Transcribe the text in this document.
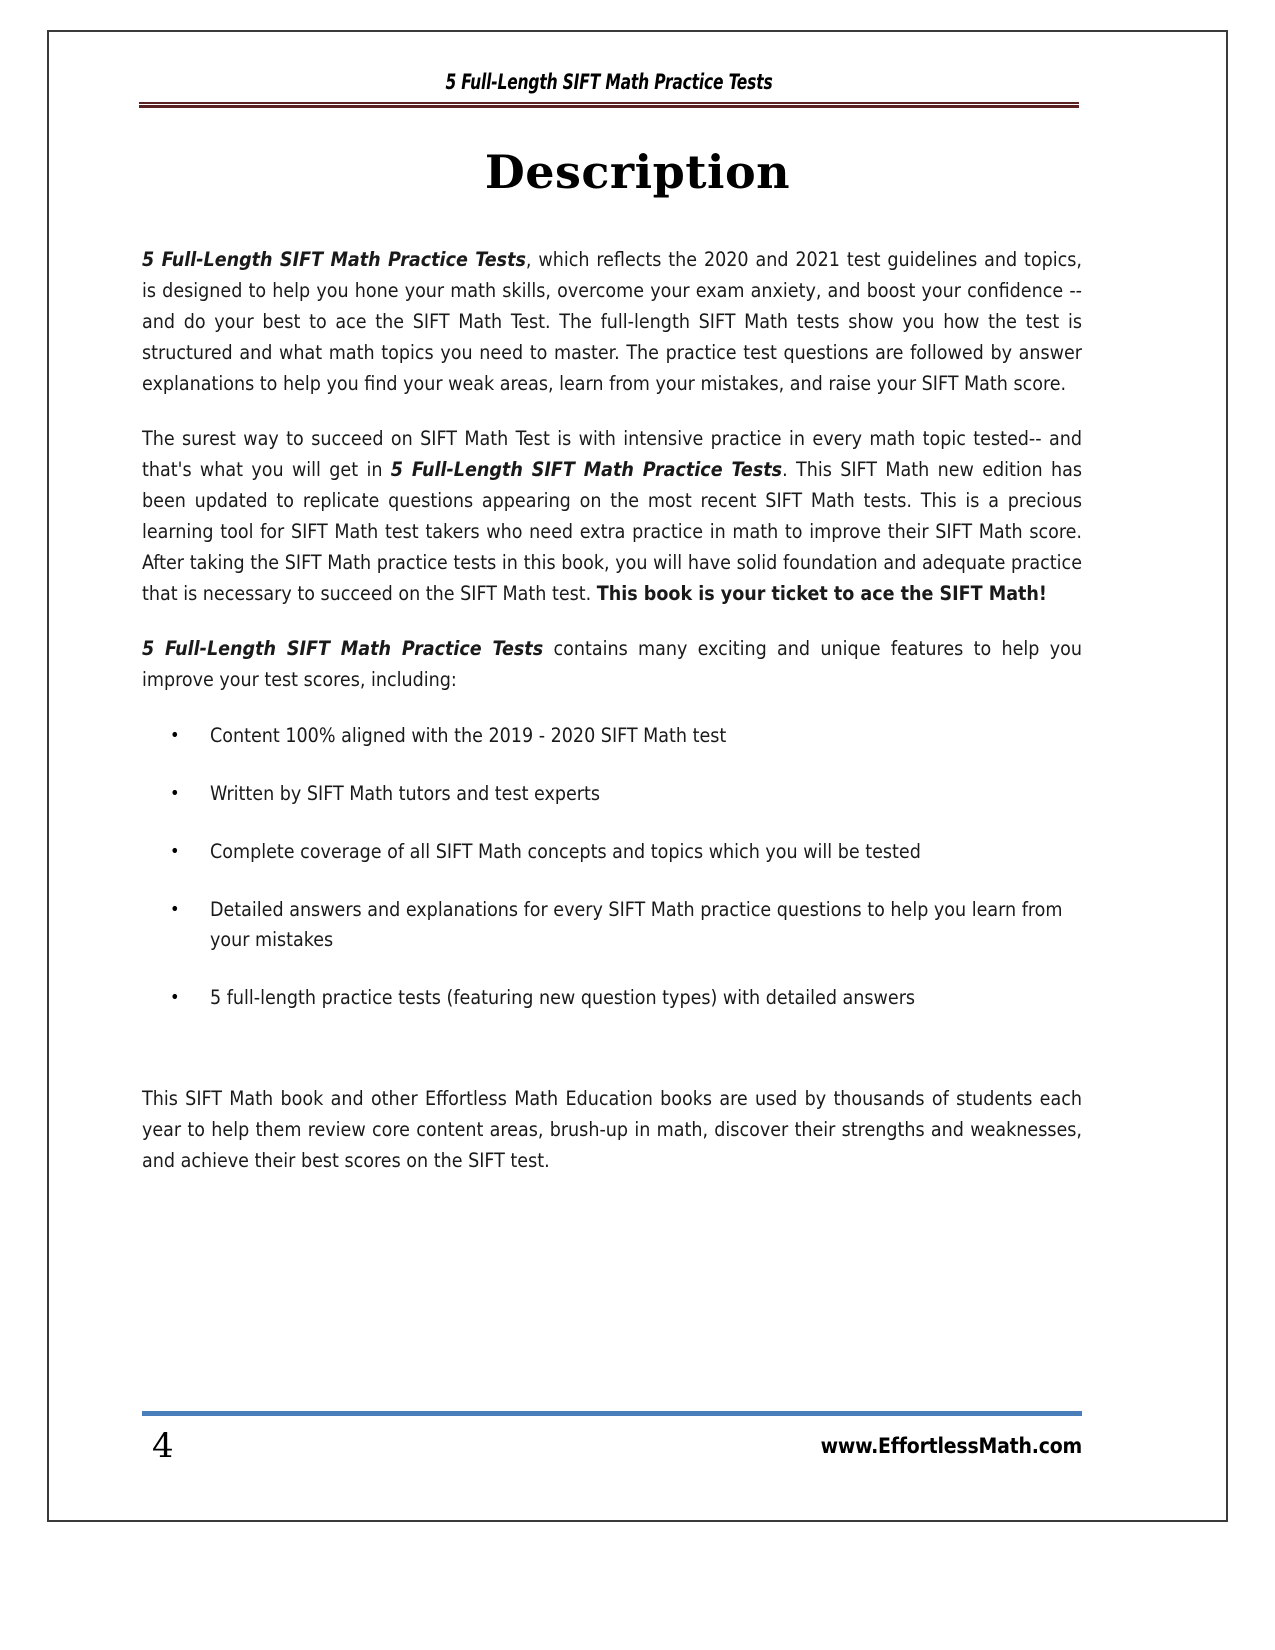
5 Full-Length SIFT Math Practice Tests
Description

5 Full-Length SIFT Math Practice Tests, which reflects the 2020 and 2021 test guidelines and topics, is designed to help you hone your math skills, overcome your exam anxiety, and boost your confidence -- and do your best to ace the SIFT Math Test. The full-length SIFT Math tests show you how the test is structured and what math topics you need to master. The practice test questions are followed by answer explanations to help you find your weak areas, learn from your mistakes, and raise your SIFT Math score.

The surest way to succeed on SIFT Math Test is with intensive practice in every math topic tested-- and that's what you will get in 5 Full-Length SIFT Math Practice Tests. This SIFT Math new edition has been updated to replicate questions appearing on the most recent SIFT Math tests. This is a precious learning tool for SIFT Math test takers who need extra practice in math to improve their SIFT Math score. After taking the SIFT Math practice tests in this book, you will have solid foundation and adequate practice that is necessary to succeed on the SIFT Math test. This book is your ticket to ace the SIFT Math!

5 Full-Length SIFT Math Practice Tests contains many exciting and unique features to help you improve your test scores, including:

• Content 100% aligned with the 2019 - 2020 SIFT Math test
• Written by SIFT Math tutors and test experts
• Complete coverage of all SIFT Math concepts and topics which you will be tested
• Detailed answers and explanations for every SIFT Math practice questions to help you learn from your mistakes
• 5 full-length practice tests (featuring new question types) with detailed answers

This SIFT Math book and other Effortless Math Education books are used by thousands of students each year to help them review core content areas, brush-up in math, discover their strengths and weaknesses, and achieve their best scores on the SIFT test.

4	www.EffortlessMath.com
